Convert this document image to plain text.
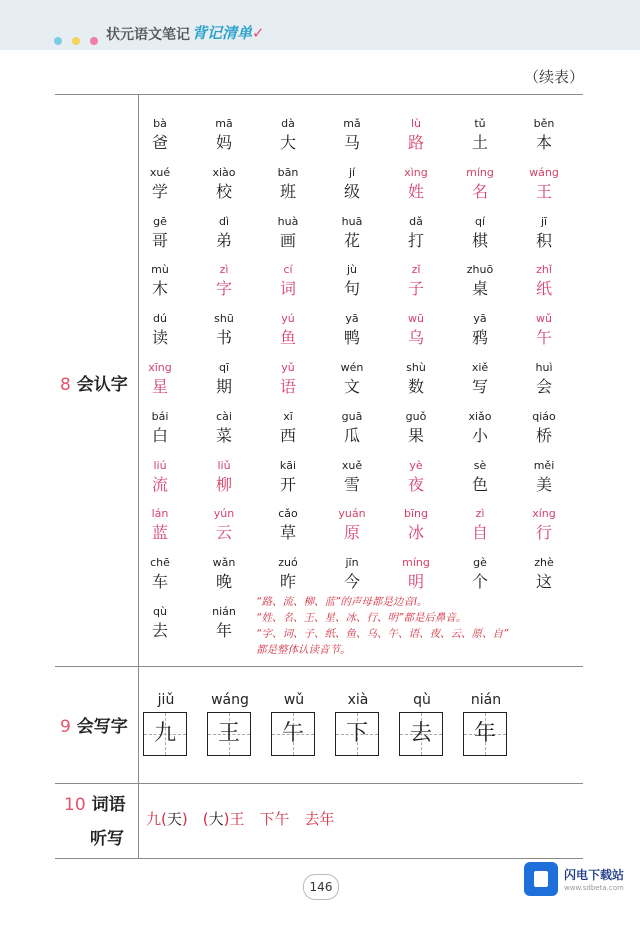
状元语文笔记 背记清单✓
（续表）
8 会认字
bà
爸
mā
妈
dà
大
mǎ
马
lù
路
tǔ
土
běn
本
xué
学
xiào
校
bān
班
jí
级
xìng
姓
míng
名
wáng
王
gē
哥
dì
弟
huà
画
huā
花
dǎ
打
qí
棋
jī
积
mù
木
zì
字
cí
词
jù
句
zǐ
子
zhuō
桌
zhǐ
纸
dú
读
shū
书
yú
鱼
yā
鸭
wū
乌
yā
鸦
wǔ
午
xīng
星
qī
期
yǔ
语
wén
文
shù
数
xiě
写
huì
会
bái
白
cài
菜
xī
西
guā
瓜
guǒ
果
xiǎo
小
qiáo
桥
liú
流
liǔ
柳
kāi
开
xuě
雪
yè
夜
sè
色
měi
美
lán
蓝
yún
云
cǎo
草
yuán
原
bīng
冰
zì
自
xíng
行
chē
车
wǎn
晚
zuó
昨
jīn
今
míng
明
gè
个
zhè
这
qù
去
nián
年
“路、流、柳、蓝”的声母都是边音l。
“姓、名、王、星、冰、行、明”都是后鼻音。
“字、词、子、纸、鱼、乌、午、语、夜、云、原、自”
都是整体认读音节。
9 会写字
jiǔ
九
wáng
王
wǔ
午
xià
下
qù
去
nián
年
10 词语
听写
九(天)　(大)王　下午　去年
146
闪电下载站
www.sdbeta.com
